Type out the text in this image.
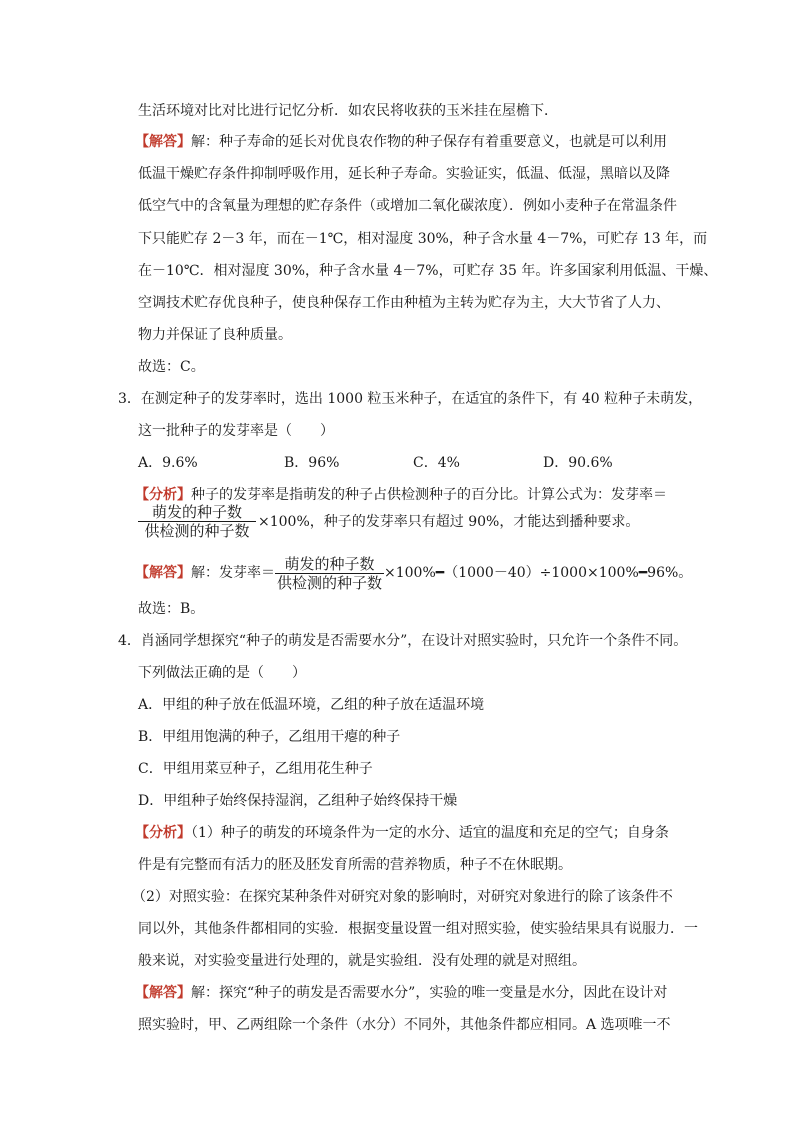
生活环境对比对比进行记忆分析．如农民将收获的玉米挂在屋檐下．
【解答】解：种子寿命的延长对优良农作物的种子保存有着重要意义，也就是可以利用
低温干燥贮存条件抑制呼吸作用，延长种子寿命。实验证实，低温、低湿，黑暗以及降
低空气中的含氧量为理想的贮存条件（或增加二氧化碳浓度）．例如小麦种子在常温条件
下只能贮存 2－3 年，而在－1℃，相对湿度 30%，种子含水量 4－7%，可贮存 13 年，而
在－10℃．相对湿度 30%，种子含水量 4－7%，可贮存 35 年。许多国家利用低温、干燥、
空调技术贮存优良种子，使良种保存工作由种植为主转为贮存为主，大大节省了人力、
物力并保证了良种质量。
故选：C。
3．在测定种子的发芽率时，选出 1000 粒玉米种子，在适宜的条件下，有 40 粒种子未萌发，
这一批种子的发芽率是（　　）
A．9.6%	B．96%	C．4%	D．90.6%
【分析】种子的发芽率是指萌发的种子占供检测种子的百分比。计算公式为：发芽率＝
萌发的种子数
供检测的种子数 ×100%，种子的发芽率只有超过 90%，才能达到播种要求。
【解答】解：发芽率＝ $\frac{\text{萌发的种子数}}{\text{供检测的种子数}}$ ×100%━（1000－40）÷1000×100%━96%。
故选：B。
4．肖涵同学想探究“种子的萌发是否需要水分”，在设计对照实验时，只允许一个条件不同。
下列做法正确的是（　　）
A．甲组的种子放在低温环境，乙组的种子放在适温环境
B．甲组用饱满的种子，乙组用干瘪的种子
C．甲组用菜豆种子，乙组用花生种子
D．甲组种子始终保持湿润，乙组种子始终保持干燥
【分析】（1）种子的萌发的环境条件为一定的水分、适宜的温度和充足的空气；自身条
件是有完整而有活力的胚及胚发育所需的营养物质，种子不在休眠期。
（2）对照实验：在探究某种条件对研究对象的影响时，对研究对象进行的除了该条件不
同以外，其他条件都相同的实验．根据变量设置一组对照实验，使实验结果具有说服力．一
般来说，对实验变量进行处理的，就是实验组．没有处理的就是对照组。
【解答】解：探究“种子的萌发是否需要水分”，实验的唯一变量是水分，因此在设计对
照实验时，甲、乙两组除一个条件（水分）不同外，其他条件都应相同。A 选项唯一不
